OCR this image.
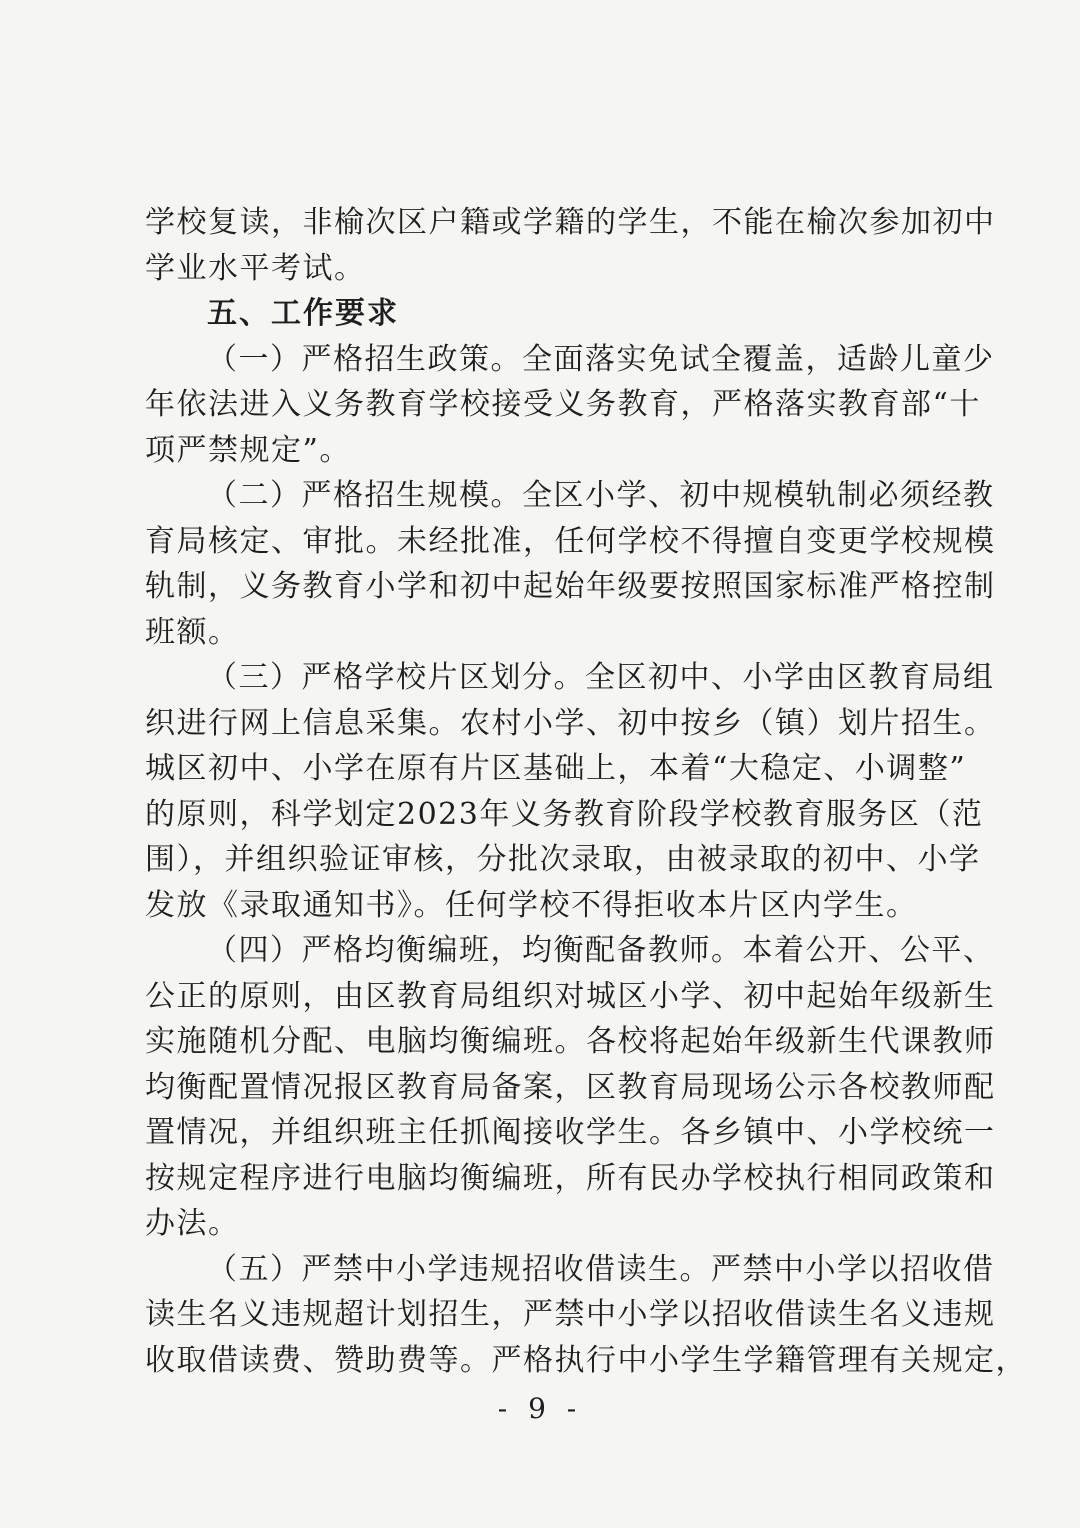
学校复读，非榆次区户籍或学籍的学生，不能在榆次参加初中
学业水平考试。
五、工作要求
（一）严格招生政策。全面落实免试全覆盖，适龄儿童少
年依法进入义务教育学校接受义务教育，严格落实教育部“十
项严禁规定”。
（二）严格招生规模。全区小学、初中规模轨制必须经教
育局核定、审批。未经批准，任何学校不得擅自变更学校规模
轨制，义务教育小学和初中起始年级要按照国家标准严格控制
班额。
（三）严格学校片区划分。全区初中、小学由区教育局组
织进行网上信息采集。农村小学、初中按乡（镇）划片招生。
城区初中、小学在原有片区基础上，本着“大稳定、小调整”
的原则，科学划定2023年义务教育阶段学校教育服务区（范
围），并组织验证审核，分批次录取，由被录取的初中、小学
发放《录取通知书》。任何学校不得拒收本片区内学生。
（四）严格均衡编班，均衡配备教师。本着公开、公平、
公正的原则，由区教育局组织对城区小学、初中起始年级新生
实施随机分配、电脑均衡编班。各校将起始年级新生代课教师
均衡配置情况报区教育局备案，区教育局现场公示各校教师配
置情况，并组织班主任抓阄接收学生。各乡镇中、小学校统一
按规定程序进行电脑均衡编班，所有民办学校执行相同政策和
办法。
（五）严禁中小学违规招收借读生。严禁中小学以招收借
读生名义违规超计划招生，严禁中小学以招收借读生名义违规
收取借读费、赞助费等。严格执行中小学生学籍管理有关规定，
- 9 -
